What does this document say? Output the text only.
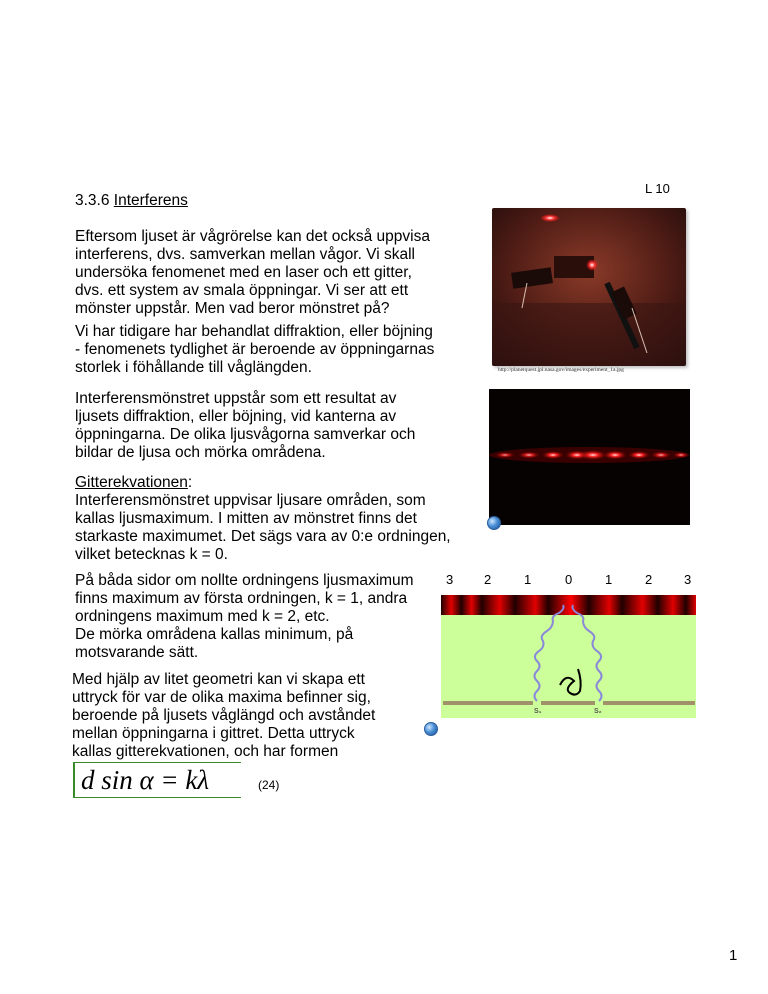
L 10
3.3.6 Interferens
Eftersom ljuset är vågrörelse kan det också uppvisa
interferens, dvs. samverkan mellan vågor. Vi skall
undersöka fenomenet med en laser och ett gitter,
dvs. ett system av smala öppningar. Vi ser att ett
mönster uppstår. Men vad beror mönstret på?
Vi har tidigare har behandlat diffraktion, eller böjning
- fenomenets tydlighet är beroende av öppningarnas
storlek i föhållande till våglängden.
Interferensmönstret uppstår som ett resultat av
ljusets diffraktion, eller böjning, vid kanterna av
öppningarna. De olika ljusvågorna samverkar och
bildar de ljusa och mörka områdena.
Gitterekvationen:
Interferensmönstret uppvisar ljusare områden, som
kallas ljusmaximum. I mitten av mönstret finns det
starkaste maximumet. Det sägs vara av 0:e ordningen,
vilket betecknas k = 0.
På båda sidor om nollte ordningens ljusmaximum
finns maximum av första ordningen, k = 1, andra
ordningens maximum med k = 2, etc.
De mörka områdena kallas minimum, på
motsvarande sätt.
Med hjälp av litet geometri kan vi skapa ett
uttryck för var de olika maxima befinner sig,
beroende på ljusets våglängd och avståndet
mellan öppningarna i gittret. Detta uttryck
kallas gitterekvationen, och har formen
d sin α = kλ	(24)
http://planetquest.jpl.nasa.gov/images/experiment_1a.jpg
3 2	1	0	1	2 3
S₁	S₂
1
